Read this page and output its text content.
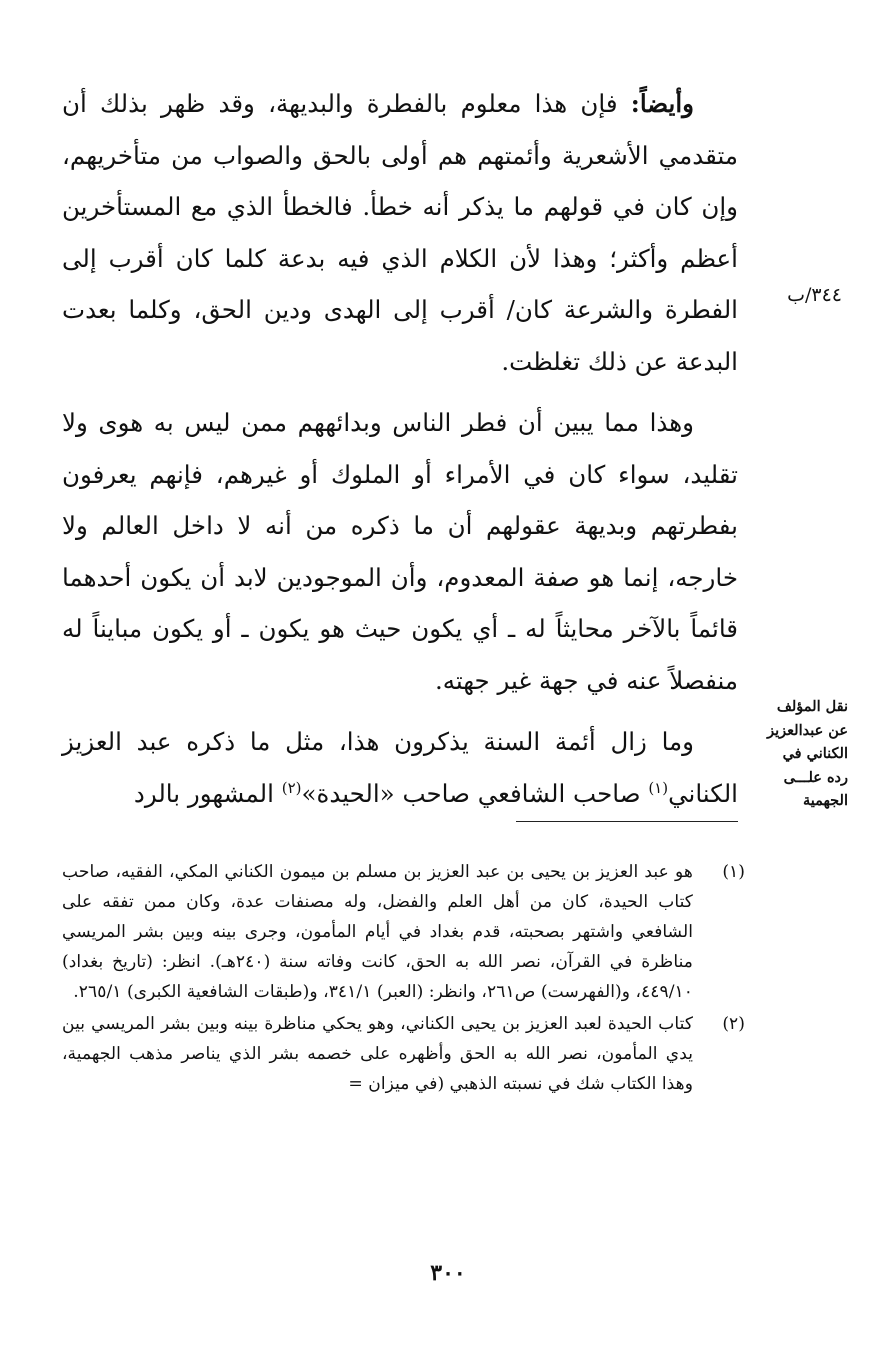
وأيضاً: فإن هذا معلوم بالفطرة والبديهة، وقد ظهر بذلك أن متقدمي الأشعرية وأئمتهم هم أولى بالحق والصواب من متأخريهم، وإن كان في قولهم ما يذكر أنه خطأ. فالخطأ الذي مع المستأخرين أعظم وأكثر؛ وهذا لأن الكلام الذي فيه بدعة كلما كان أقرب إلى الفطرة والشرعة كان/ أقرب إلى الهدى ودين الحق، وكلما بعدت البدعة عن ذلك تغلظت.

وهذا مما يبين أن فطر الناس وبدائههم ممن ليس به هوى ولا تقليد، سواء كان في الأمراء أو الملوك أو غيرهم، فإنهم يعرفون بفطرتهم وبديهة عقولهم أن ما ذكره من أنه لا داخل العالم ولا خارجه، إنما هو صفة المعدوم، وأن الموجودين لابد أن يكون أحدهما قائماً بالآخر محايثاً له ـ أي يكون حيث هو يكون ـ أو يكون مبايناً له منفصلاً عنه في جهة غير جهته.

وما زال أئمة السنة يذكرون هذا، مثل ما ذكره عبد العزيز الكناني$^{(١)}$ صاحب الشافعي صاحب «الحيدة»$^{(٢)}$ المشهور بالرد

٣٤٤/ب
نقل المؤلف عن عبدالعزيز الكناني في رده علـــى الجهمية
(١)
هو عبد العزيز بن يحيى بن عبد العزيز بن مسلم بن ميمون الكناني المكي، الفقيه، صاحب كتاب الحيدة، كان من أهل العلم والفضل، وله مصنفات عدة، وكان ممن تفقه على الشافعي واشتهر بصحبته، قدم بغداد في أيام المأمون، وجرى بينه وبين بشر المريسي مناظرة في القرآن، نصر الله به الحق، كانت وفاته سنة (٢٤٠هـ). انظر: (تاريخ بغداد) ٤٤٩/١٠، و(الفهرست) ص٢٦١، وانظر: (العبر) ٣٤١/١، و(طبقات الشافعية الكبرى) ٢٦٥/١.
(٢)
كتاب الحيدة لعبد العزيز بن يحيى الكناني، وهو يحكي مناظرة بينه وبين بشر المريسي بين يدي المأمون، نصر الله به الحق وأظهره على خصمه بشر الذي يناصر مذهب الجهمية، وهذا الكتاب شك في نسبته الذهبي (في ميزان =
٣٠٠
